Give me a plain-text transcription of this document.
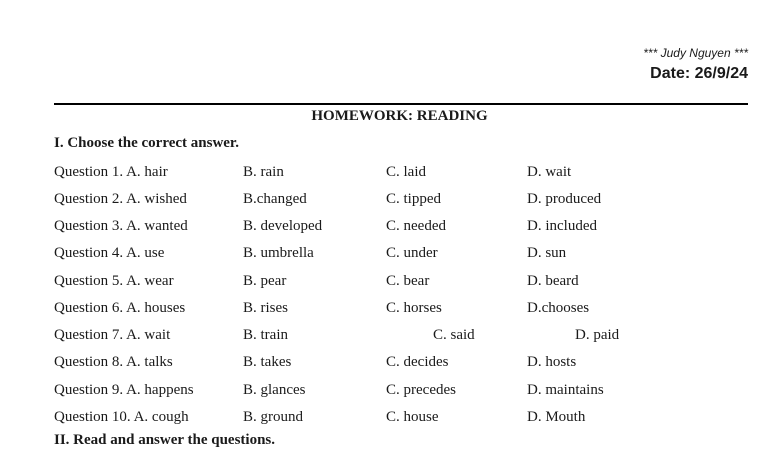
*** Judy Nguyen ***
Date: 26/9/24
HOMEWORK: READING
I. Choose the correct answer.
Question 1. A. hair	B. rain	C. laid	D. wait
Question 2. A. wished	B.changed	C. tipped	D. produced
Question 3. A. wanted	B. developed	C. needed	D. included
Question 4. A. use	B. umbrella	C. under	D. sun
Question 5. A. wear	B. pear	C. bear	D. beard
Question 6. A. houses	B. rises	C. horses	D.chooses
Question 7. A. wait	B. train	C. said	D. paid
Question 8. A. talks	B. takes	C. decides	D. hosts
Question 9. A. happens	B. glances	C. precedes	D. maintains
Question 10. A. cough	B. ground	C. house	D. Mouth
II. Read and answer the questions.
